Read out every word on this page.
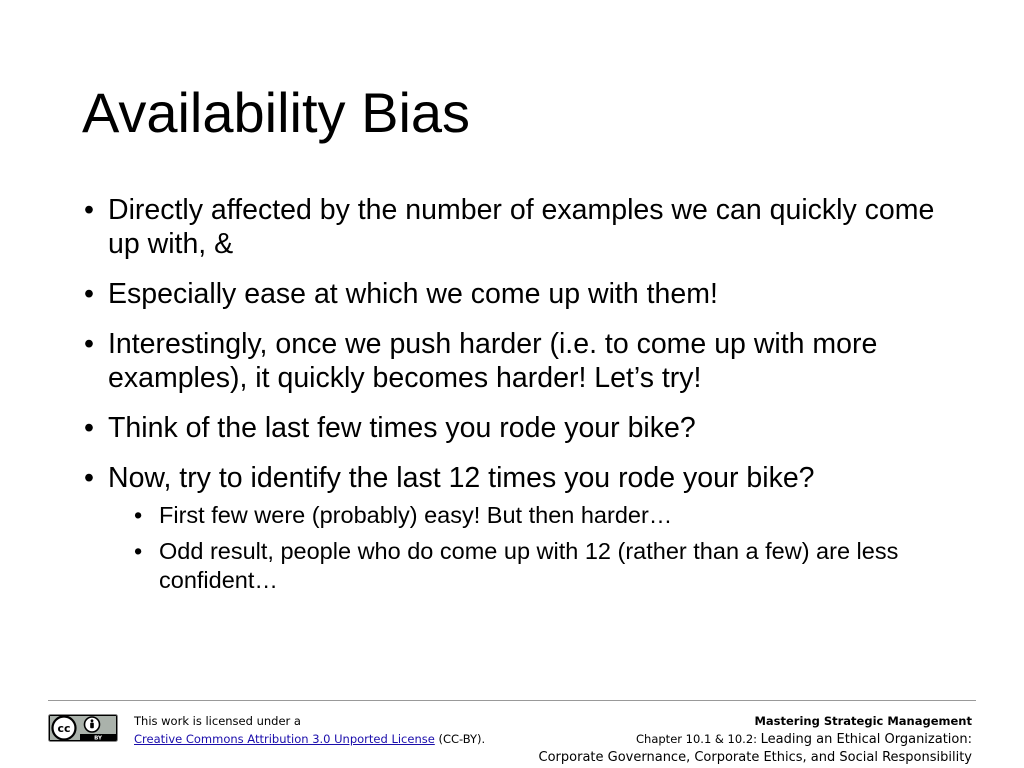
Availability Bias
• Directly affected by the number of examples we can quickly come up with, &
• Especially ease at which we come up with them!
• Interestingly, once we push harder (i.e. to come up with more examples), it quickly becomes harder! Let’s try!
• Think of the last few times you rode your bike?
• Now, try to identify the last 12 times you rode your bike?
• First few were (probably) easy! But then harder…
• Odd result, people who do come up with 12 (rather than a few) are less confident…
cc
BY
This work is licensed under a
Creative Commons Attribution 3.0 Unported License (CC-BY).
Mastering Strategic Management
Chapter 10.1 & 10.2: Leading an Ethical Organization:
Corporate Governance, Corporate Ethics, and Social Responsibility
